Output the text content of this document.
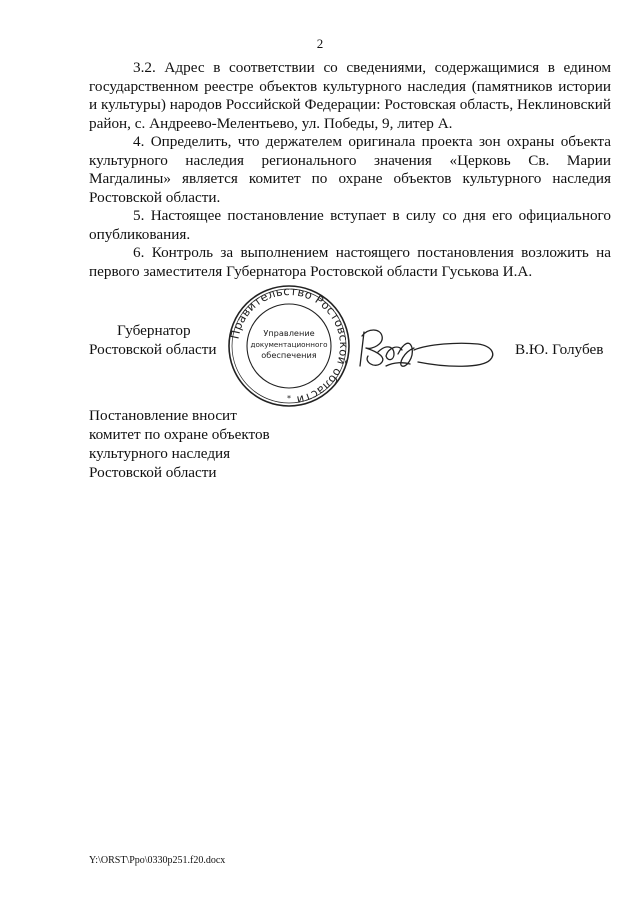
2

3.2. Адрес в соответствии со сведениями, содержащимися в едином государственном реестре объектов культурного наследия (памятников истории и культуры) народов Российской Федерации: Ростовская область, Неклиновский район, с. Андреево-Мелентьево, ул. Победы, 9, литер А.

4. Определить, что держателем оригинала проекта зон охраны объекта культурного наследия регионального значения «Церковь Св. Марии Магдалины» является комитет по охране объектов культурного наследия Ростовской области.

5. Настоящее постановление вступает в силу со дня его официального опубликования.

6. Контроль за выполнением настоящего постановления возложить на первого заместителя Губернатора Ростовской области Гуськова И.А.

Губернатор
Ростовской области
Правительство Ростовской области
Управление
документационного
обеспечения
*
В.Ю. Голубев
Постановление вносит
комитет по охране объектов
культурного наследия
Ростовской области
Y:\ORST\Ppo\0330p251.f20.docx
